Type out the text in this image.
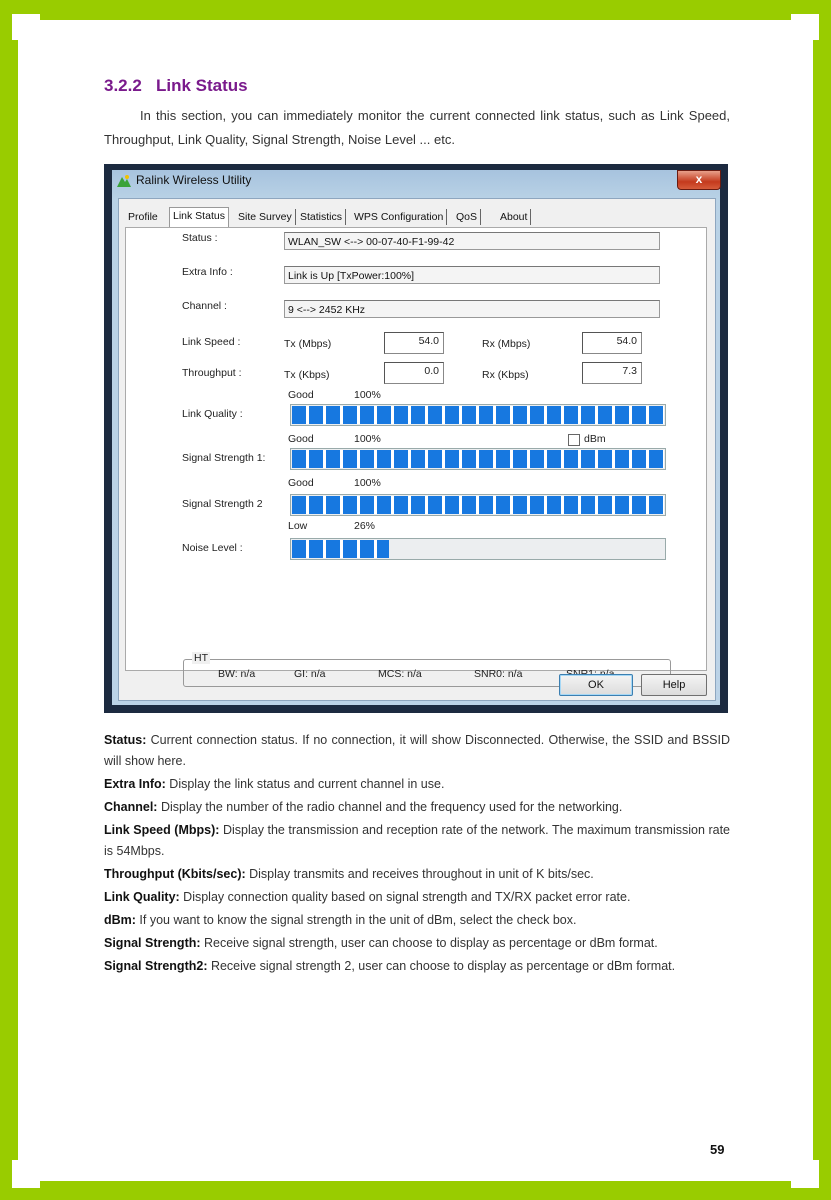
3.2.2 Link Status
In this section, you can immediately monitor the current connected link status, such as Link Speed, Throughput, Link Quality, Signal Strength, Noise Level ... etc.
Ralink Wireless Utility	x
Profile	Link Status	Site Survey Statistics	WPS Configuration	QoS	About
Status :	WLAN_SW <--> 00-07-40-F1-99-42
Extra Info :	Link is Up [TxPower:100%]
Channel :	9 <--> 2452 KHz
Link Speed :	Tx (Mbps)	54.0	Rx (Mbps)	54.0
Throughput :	Tx (Kbps)	0.0	Rx (Kbps)	7.3
Good	100%
Link Quality :
Good	100%	dBm
Signal Strength 1:
Good	100%
Signal Strength 2
Low	26%
Noise Level :
HT
BW: n/a	GI: n/a	MCS: n/a	SNR0: n/a
OK	Help

Status: Current connection status. If no connection, it will show Disconnected. Otherwise, the SSID and BSSID will show here.

Extra Info: Display the link status and current channel in use.

Channel: Display the number of the radio channel and the frequency used for the networking.

Link Speed (Mbps): Display the transmission and reception rate of the network. The maximum transmission rate is 54Mbps.

Throughput (Kbits/sec): Display transmits and receives throughout in unit of K bits/sec.

Link Quality: Display connection quality based on signal strength and TX/RX packet error rate.

dBm: If you want to know the signal strength in the unit of dBm, select the check box.

Signal Strength: Receive signal strength, user can choose to display as percentage or dBm format.

Signal Strength2: Receive signal strength 2, user can choose to display as percentage or dBm format.

59
